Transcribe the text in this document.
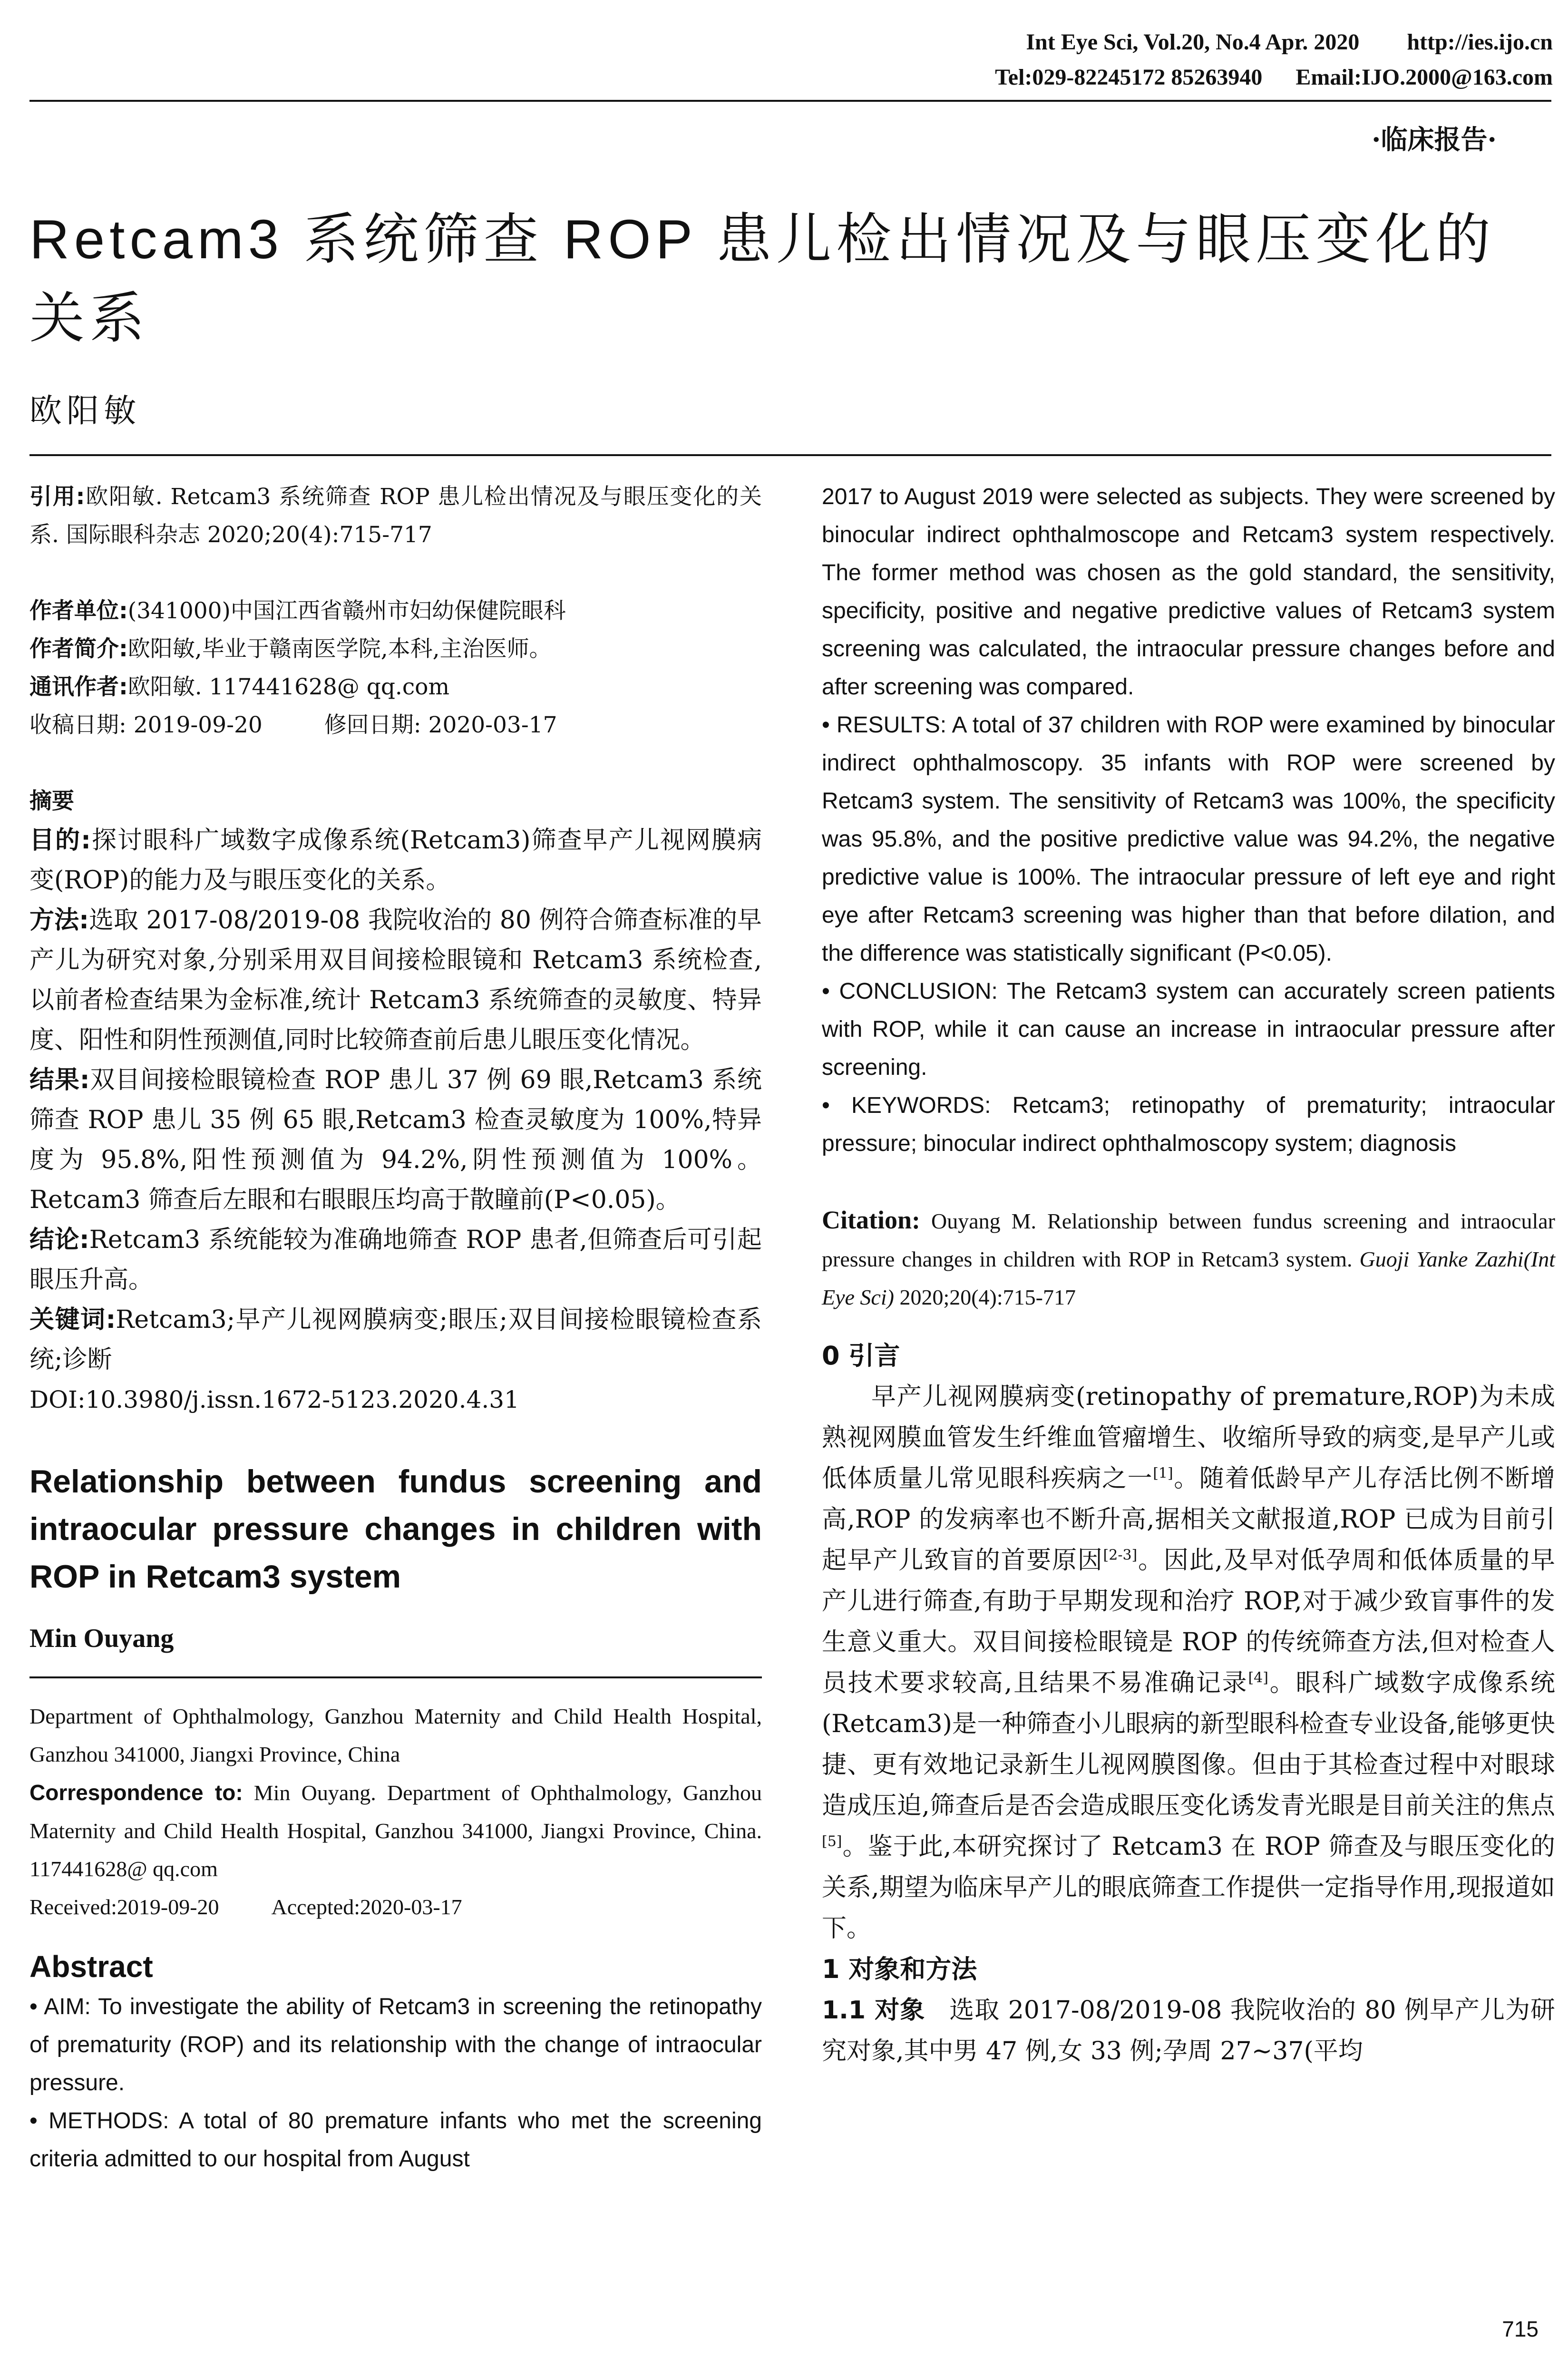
Int Eye Sci, Vol.20, No.4 Apr. 2020 http://ies.ijo.cn
Tel:029-82245172 85263940 Email:IJO.2000@163.com
·临床报告·
Retcam3 系统筛查 ROP 患儿检出情况及与眼压变化的关系
欧阳敏

引用:欧阳敏. Retcam3 系统筛查 ROP 患儿检出情况及与眼压变化的关系. 国际眼科杂志 2020;20(4):715-717

作者单位:(341000)中国江西省赣州市妇幼保健院眼科

作者简介:欧阳敏,毕业于赣南医学院,本科,主治医师。

通讯作者:欧阳敏. 117441628@ qq.com

收稿日期: 2019-09-20	修回日期: 2020-03-17

摘要

目的:探讨眼科广域数字成像系统(Retcam3)筛查早产儿视网膜病变(ROP)的能力及与眼压变化的关系。

方法:选取 2017-08/2019-08 我院收治的 80 例符合筛查标准的早产儿为研究对象,分别采用双目间接检眼镜和 Retcam3 系统检查,以前者检查结果为金标准,统计 Retcam3 系统筛查的灵敏度、特异度、阳性和阴性预测值,同时比较筛查前后患儿眼压变化情况。

结果:双目间接检眼镜检查 ROP 患儿 37 例 69 眼,Retcam3 系统筛查 ROP 患儿 35 例 65 眼,Retcam3 检查灵敏度为 100%,特异度为 95.8%,阳性预测值为 94.2%,阴性预测值为 100%。Retcam3 筛查后左眼和右眼眼压均高于散瞳前(P<0.05)。

结论:Retcam3 系统能较为准确地筛查 ROP 患者,但筛查后可引起眼压升高。

关键词:Retcam3;早产儿视网膜病变;眼压;双目间接检眼镜检查系统;诊断

DOI:10.3980/j.issn.1672-5123.2020.4.31

Relationship between fundus screening and intraocular pressure changes in children with ROP in Retcam3 system

Min Ouyang

Department of Ophthalmology, Ganzhou Maternity and Child Health Hospital, Ganzhou 341000, Jiangxi Province, China

Correspondence to: Min Ouyang. Department of Ophthalmology, Ganzhou Maternity and Child Health Hospital, Ganzhou 341000, Jiangxi Province, China. 117441628@ qq.com

Received:2019-09-20 Accepted:2020-03-17

Abstract

• AIM: To investigate the ability of Retcam3 in screening the retinopathy of prematurity (ROP) and its relationship with the change of intraocular pressure.

• METHODS: A total of 80 premature infants who met the screening criteria admitted to our hospital from August

2017 to August 2019 were selected as subjects. They were screened by binocular indirect ophthalmoscope and Retcam3 system respectively. The former method was chosen as the gold standard, the sensitivity, specificity, positive and negative predictive values of Retcam3 system screening was calculated, the intraocular pressure changes before and after screening was compared.

• RESULTS: A total of 37 children with ROP were examined by binocular indirect ophthalmoscopy. 35 infants with ROP were screened by Retcam3 system. The sensitivity of Retcam3 was 100%, the specificity was 95.8%, and the positive predictive value was 94.2%, the negative predictive value is 100%. The intraocular pressure of left eye and right eye after Retcam3 screening was higher than that before dilation, and the difference was statistically significant (P<0.05).

• CONCLUSION: The Retcam3 system can accurately screen patients with ROP, while it can cause an increase in intraocular pressure after screening.

• KEYWORDS: Retcam3; retinopathy of prematurity; intraocular pressure; binocular indirect ophthalmoscopy system; diagnosis

Citation: Ouyang M. Relationship between fundus screening and intraocular pressure changes in children with ROP in Retcam3 system. Guoji Yanke Zazhi(Int Eye Sci) 2020;20(4):715-717

0 引言

早产儿视网膜病变(retinopathy of premature,ROP)为未成熟视网膜血管发生纤维血管瘤增生、收缩所导致的病变,是早产儿或低体质量儿常见眼科疾病之一[1]。随着低龄早产儿存活比例不断增高,ROP 的发病率也不断升高,据相关文献报道,ROP 已成为目前引起早产儿致盲的首要原因[2-3]。因此,及早对低孕周和低体质量的早产儿进行筛查,有助于早期发现和治疗 ROP,对于减少致盲事件的发生意义重大。双目间接检眼镜是 ROP 的传统筛查方法,但对检查人员技术要求较高,且结果不易准确记录[4]。眼科广域数字成像系统(Retcam3)是一种筛查小儿眼病的新型眼科检查专业设备,能够更快捷、更有效地记录新生儿视网膜图像。但由于其检查过程中对眼球造成压迫,筛查后是否会造成眼压变化诱发青光眼是目前关注的焦点[5]。鉴于此,本研究探讨了 Retcam3 在 ROP 筛查及与眼压变化的关系,期望为临床早产儿的眼底筛查工作提供一定指导作用,现报道如下。

1 对象和方法

1.1 对象 选取 2017-08/2019-08 我院收治的 80 例早产儿为研究对象,其中男 47 例,女 33 例;孕周 27~37(平均

715
